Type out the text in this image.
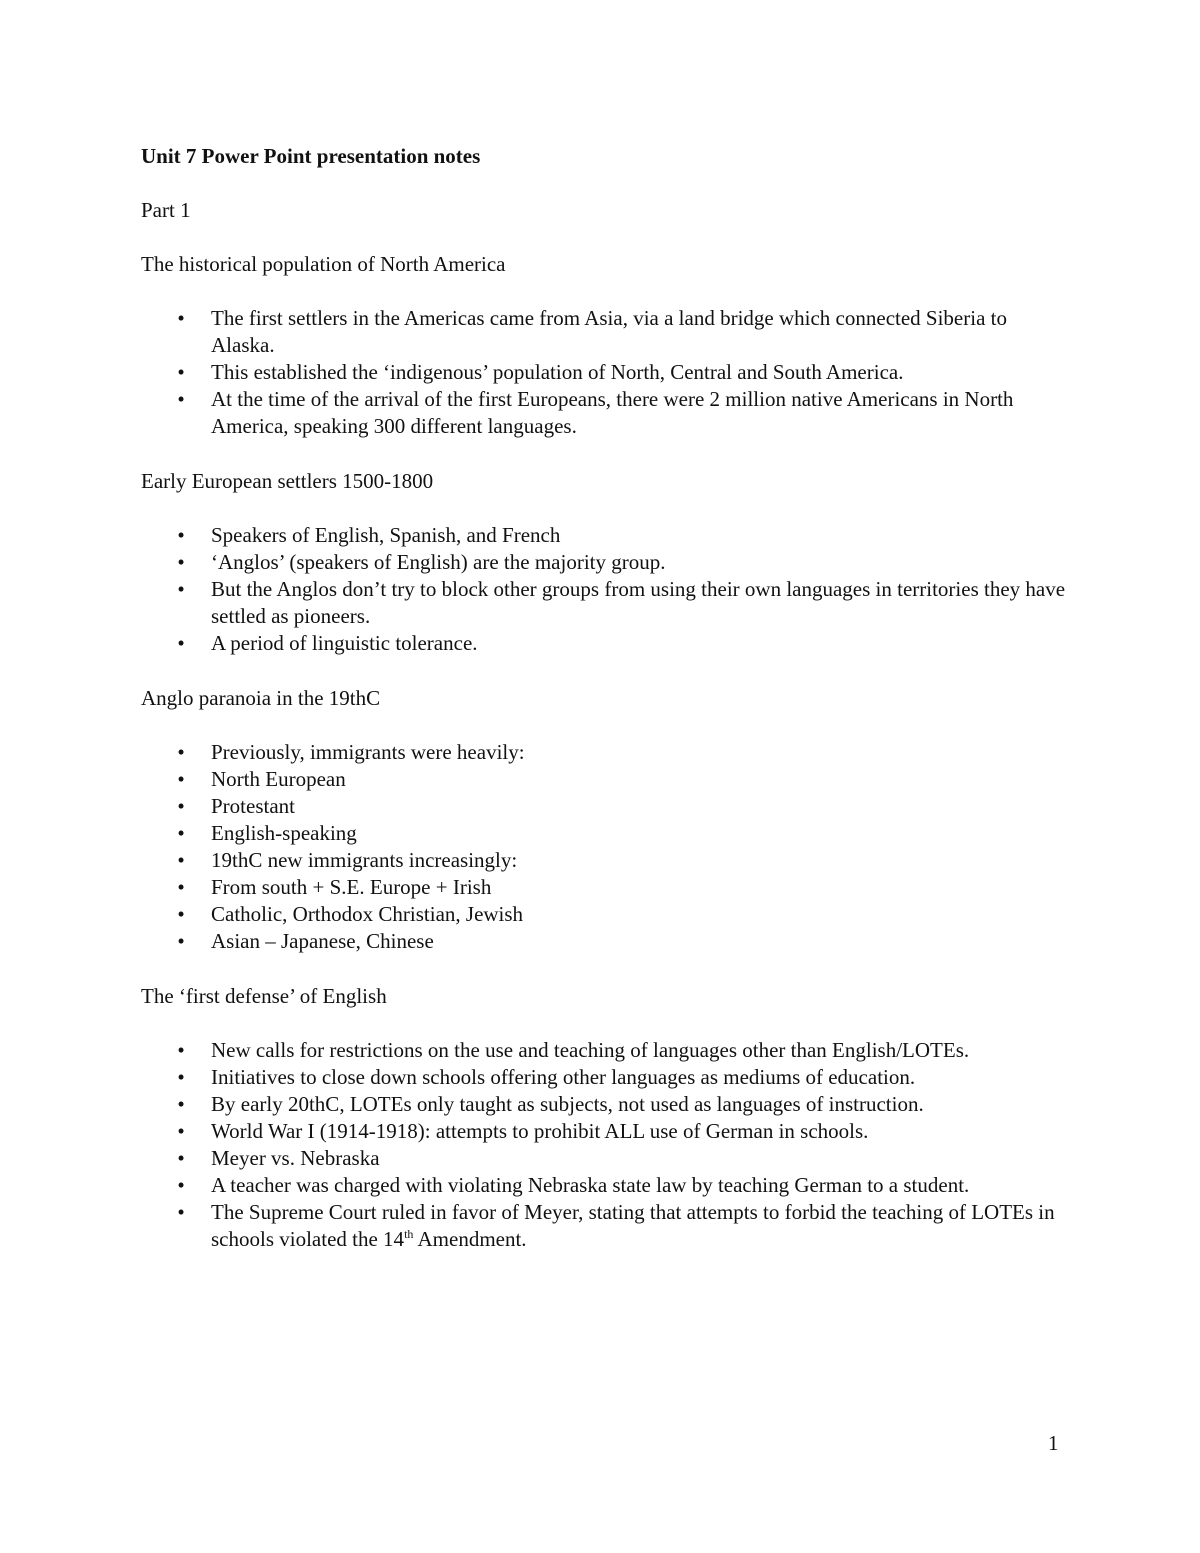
Unit 7 Power Point presentation notes

Part 1

The historical population of North America

• The first settlers in the Americas came from Asia, via a land bridge which connected Siberia to Alaska.
• This established the ‘indigenous’ population of North, Central and South America.
• At the time of the arrival of the first Europeans, there were 2 million native Americans in North America, speaking 300 different languages.

Early European settlers 1500-1800

• Speakers of English, Spanish, and French
• ‘Anglos’ (speakers of English) are the majority group.
• But the Anglos don’t try to block other groups from using their own languages in territories they have settled as pioneers.
• A period of linguistic tolerance.

Anglo paranoia in the 19thC

• Previously, immigrants were heavily:
• North European
• Protestant
• English-speaking
• 19thC new immigrants increasingly:
• From south + S.E. Europe + Irish
• Catholic, Orthodox Christian, Jewish
• Asian – Japanese, Chinese

The ‘first defense’ of English

• New calls for restrictions on the use and teaching of languages other than English/LOTEs.
• Initiatives to close down schools offering other languages as mediums of education.
• By early 20thC, LOTEs only taught as subjects, not used as languages of instruction.
• World War I (1914-1918): attempts to prohibit ALL use of German in schools.
• Meyer vs. Nebraska
• A teacher was charged with violating Nebraska state law by teaching German to a student.
• The Supreme Court ruled in favor of Meyer, stating that attempts to forbid the teaching of LOTEs in schools violated the 14th Amendment.

1
